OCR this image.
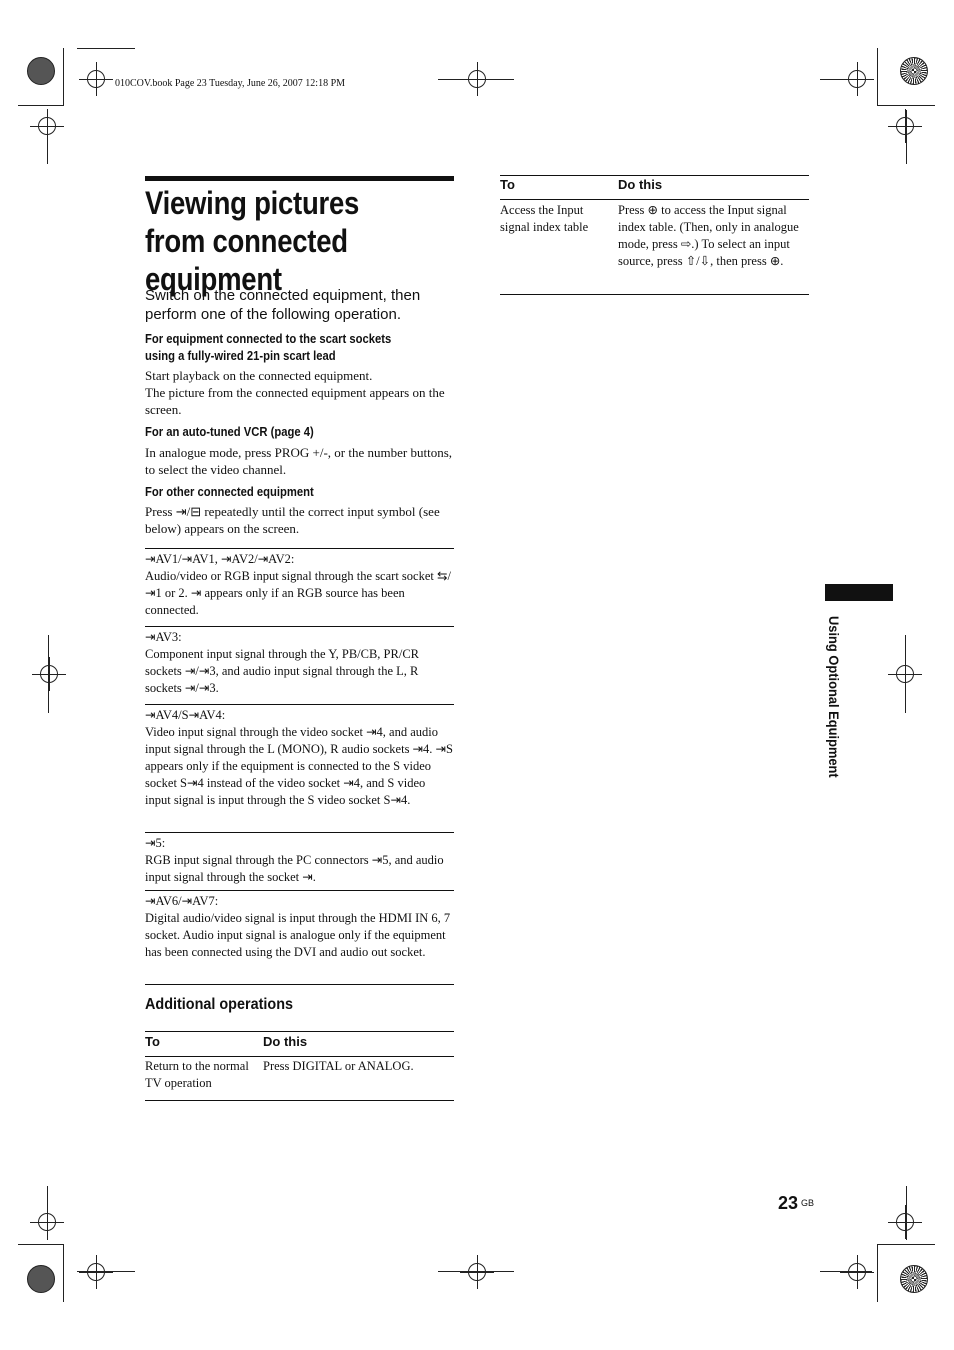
010COV.book Page 23 Tuesday, June 26, 2007 12:18 PM
Viewing pictures from connected equipment
Switch on the connected equipment, then perform one of the following operation.
For equipment connected to the scart sockets using a fully-wired 21-pin scart lead
Start playback on the connected equipment.
The picture from the connected equipment appears on the screen.
For an auto-tuned VCR (page 4)
In analogue mode, press PROG +/-, or the number buttons, to select the video channel.
For other connected equipment
Press ⇥/⊟ repeatedly until the correct input symbol (see below) appears on the screen.
⇥AV1/⇥AV1, ⇥AV2/⇥AV2:
Audio/video or RGB input signal through the scart socket ⇆/⇥1 or 2. ⇥ appears only if an RGB source has been connected.
⇥AV3:
Component input signal through the Y, PB/CB, PR/CR sockets ⇥/⇥3, and audio input signal through the L, R sockets ⇥/⇥3.
⇥AV4/S⇥AV4:
Video input signal through the video socket ⇥4, and audio input signal through the L (MONO), R audio sockets ⇥4. ⇥S appears only if the equipment is connected to the S video socket S⇥4 instead of the video socket ⇥4, and S video input signal is input through the S video socket S⇥4.
⇥5:
RGB input signal through the PC connectors ⇥5, and audio input signal through the socket ⇥.
⇥AV6/⇥AV7:
Digital audio/video signal is input through the HDMI IN 6, 7 socket. Audio input signal is analogue only if the equipment has been connected using the DVI and audio out socket.
Additional operations
To	Do this
Return to the normal TV operation
Press DIGITAL or ANALOG.
To	Do this
Access the Input signal index table
Press ⊕ to access the Input signal index table. (Then, only in analogue mode, press ⇨.) To select an input source, press ⇧/⇩, then press ⊕.
Using Optional Equipment
23 GB
